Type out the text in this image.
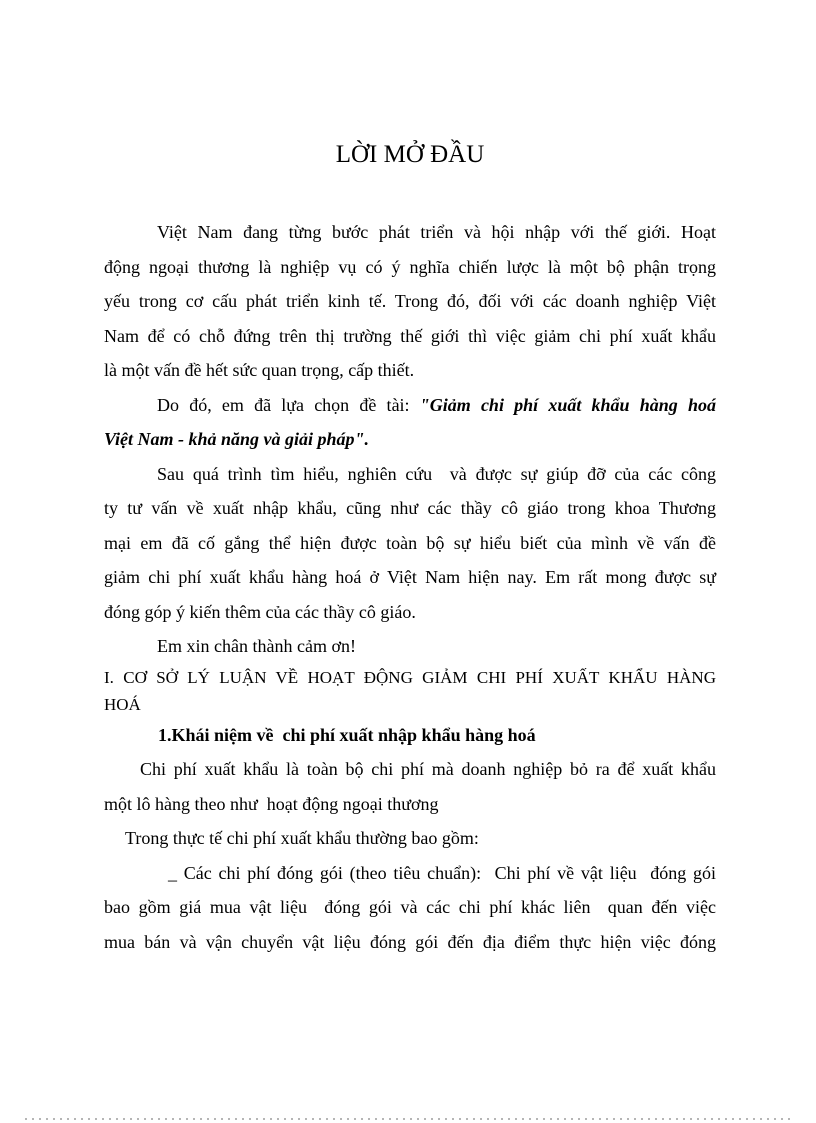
LỜI MỞ ĐẦU

Việt Nam đang từng bước phát triển và hội nhập với thế giới. Hoạt
động ngoại thương là nghiệp vụ có ý nghĩa chiến lược là một bộ phận trọng
yếu trong cơ cấu phát triển kinh tế. Trong đó, đối với các doanh nghiệp Việt
Nam để có chỗ đứng trên thị trường thế giới thì việc giảm chi phí xuất khẩu
là một vấn đề hết sức quan trọng, cấp thiết.

Do đó, em đã lựa chọn đề tài: "Giảm chi phí xuất khẩu hàng hoá
Việt Nam - khả năng và giải pháp".

Sau quá trình tìm hiểu, nghiên cứu  và được sự giúp đỡ của các công
ty tư vấn về xuất nhập khẩu, cũng như các thầy cô giáo trong khoa Thương
mại em đã cố gắng thể hiện được toàn bộ sự hiểu biết của mình về vấn đề
giảm chi phí xuất khẩu hàng hoá ở Việt Nam hiện nay. Em rất mong được sự
đóng góp ý kiến thêm của các thầy cô giáo.

Em xin chân thành cảm ơn!

I. CƠ SỞ LÝ LUẬN VỀ HOẠT ĐỘNG GIẢM CHI PHÍ XUẤT KHẨU HÀNG
HOÁ
1.Khái niệm về  chi phí xuất nhập khẩu hàng hoá

Chi phí xuất khẩu là toàn bộ chi phí mà doanh nghiệp bỏ ra để xuất khẩu
một lô hàng theo như  hoạt động ngoại thương

Trong thực tế chi phí xuất khẩu thường bao gồm:

_ Các chi phí đóng gói (theo tiêu chuẩn):  Chi phí về vật liệu  đóng gói
bao gồm giá mua vật liệu  đóng gói và các chi phí khác liên  quan đến việc
mua bán và vận chuyển vật liệu đóng gói đến địa điểm thực hiện việc đóng
